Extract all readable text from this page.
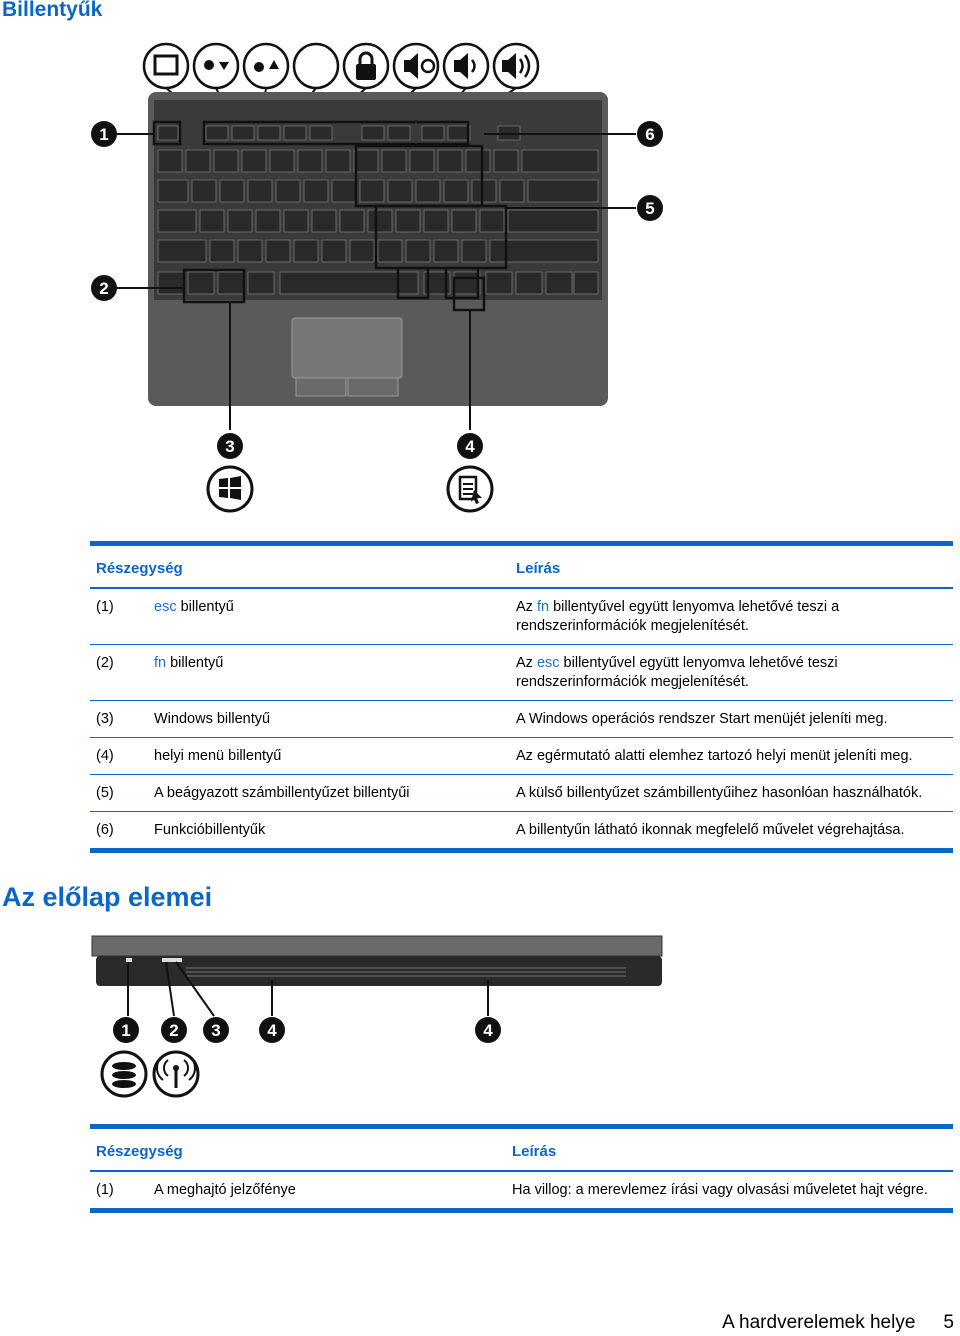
Billentyűk
1	6
5
2
3	4
Részegység		Leírás
(1)	esc billentyű	Az fn billentyűvel együtt lenyomva lehetővé teszi a rendszerinformációk megjelenítését.
(2)	fn billentyű	Az esc billentyűvel együtt lenyomva lehetővé teszi rendszerinformációk megjelenítését.
(3)	Windows billentyű	A Windows operációs rendszer Start menüjét jeleníti meg.
(4)	helyi menü billentyű	Az egérmutató alatti elemhez tartozó helyi menüt jeleníti meg.
(5)	A beágyazott számbillentyűzet billentyűi	A külső billentyűzet számbillentyűihez hasonlóan használhatók.
(6)	Funkcióbillentyűk	A billentyűn látható ikonnak megfelelő művelet végrehajtása.
Az előlap elemei
1 2 3	4	4
Részegység		Leírás
(1)	A meghajtó jelzőfénye	Ha villog: a merevlemez írási vagy olvasási műveletet hajt végre.
A hardverelemek helye 5
